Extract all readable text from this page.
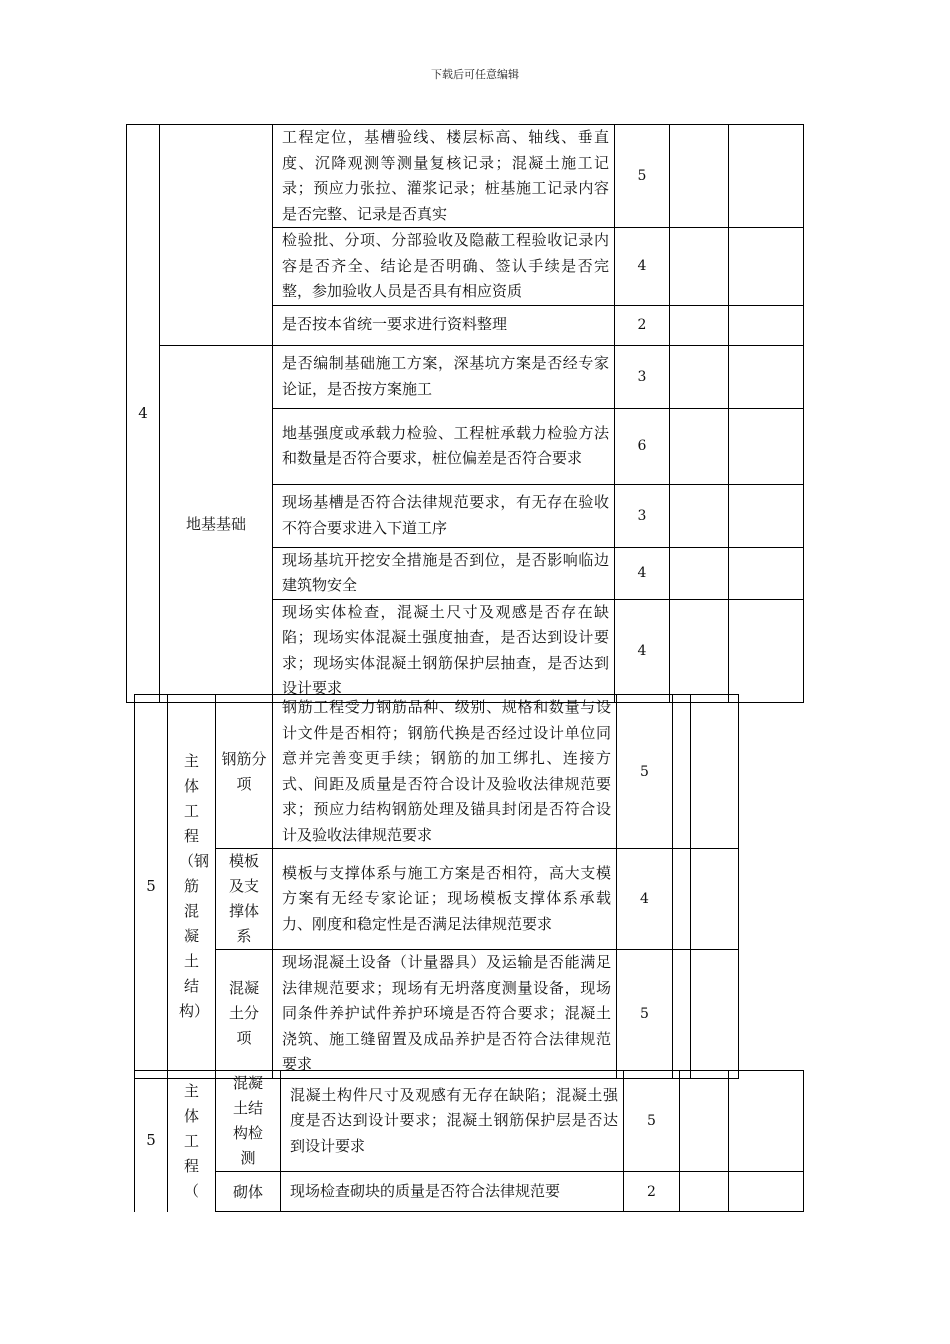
下载后可任意编辑
4		工程定位，基槽验线、楼层标高、轴线、垂直度、沉降观测等测量复核记录；混凝土施工记录；预应力张拉、灌浆记录；桩基施工记录内容是否完整、记录是否真实	5		
		检验批、分项、分部验收及隐蔽工程验收记录内容是否齐全、结论是否明确、签认手续是否完整，参加验收人员是否具有相应资质	4		
		是否按本省统一要求进行资料整理	2		
	地基基础	是否编制基础施工方案，深基坑方案是否经专家论证，是否按方案施工	3		
		地基强度或承载力检验、工程桩承载力检验方法和数量是否符合要求，桩位偏差是否符合要求	6		
		现场基槽是否符合法律规范要求，有无存在验收不符合要求进入下道工序	3		
		现场基坑开挖安全措施是否到位，是否影响临边建筑物安全	4		
		现场实体检查，混凝土尺寸及观感是否存在缺陷；现场实体混凝土强度抽查，是否达到设计要求；现场实体混凝土钢筋保护层抽查，是否达到设计要求	4		
5	主体工程（钢筋混凝土结构）	钢筋分项	钢筋工程受力钢筋品种、级别、规格和数量与设计文件是否相符；钢筋代换是否经过设计单位同意并完善变更手续；钢筋的加工绑扎、连接方式、间距及质量是否符合设计及验收法律规范要求；预应力结构钢筋处理及锚具封闭是否符合设计及验收法律规范要求	5		
		模板及支撑体系	模板与支撑体系与施工方案是否相符，高大支模方案有无经专家论证；现场模板支撑体系承载力、刚度和稳定性是否满足法律规范要求	4		
		混凝土分项	现场混凝土设备（计量器具）及运输是否能满足法律规范要求；现场有无坍落度测量设备，现场同条件养护试件养护环境是否符合要求；混凝土浇筑、施工缝留置及成品养护是否符合法律规范要求	5		
5	主体工程（	混凝土结构检测	混凝土构件尺寸及观感有无存在缺陷；混凝土强度是否达到设计要求；混凝土钢筋保护层是否达到设计要求	5		
		砌体	现场检查砌块的质量是否符合法律规范要	2		
